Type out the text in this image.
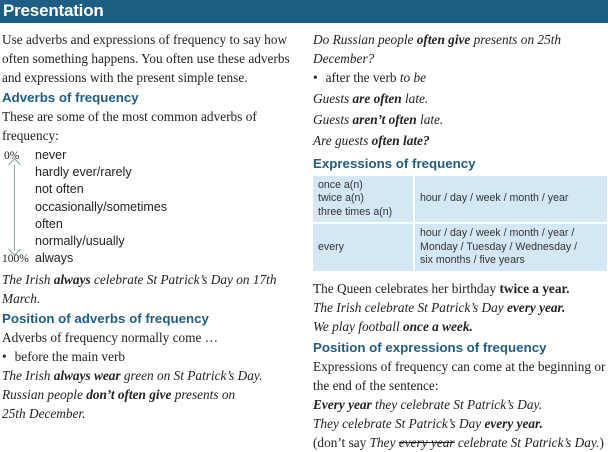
Presentation

Use adverbs and expressions of frequency to say how often something happens. You often use these adverbs and expressions with the present simple tense.

Adverbs of frequency

These are some of the most common adverbs of frequency:

0%
100%
never
hardly ever/rarely
not often
occasionally/sometimes
often
normally/usually
always

The Irish always celebrate St Patrick’s Day on 17th March.

Position of adverbs of frequency

Adverbs of frequency normally come …

• before the main verb

The Irish always wear green on St Patrick’s Day.

Russian people don’t often give presents on

25th December.

Do Russian people often give presents on 25th December?

• after the verb to be

Guests are often late.

Guests aren’t often late.

Are guests often late?

Expressions of frequency
once a(n)
twice a(n)
three times a(n)	hour / day / week / month / year
every	hour / day / week / month / year /
Monday / Tuesday / Wednesday /
six months / five years

The Queen celebrates her birthday twice a year.

The Irish celebrate St Patrick’s Day every year.

We play football once a week.

Position of expressions of frequency

Expressions of frequency can come at the beginning or the end of the sentence:

Every year they celebrate St Patrick’s Day.

They celebrate St Patrick’s Day every year.

(don’t say They every year celebrate St Patrick’s Day.)
